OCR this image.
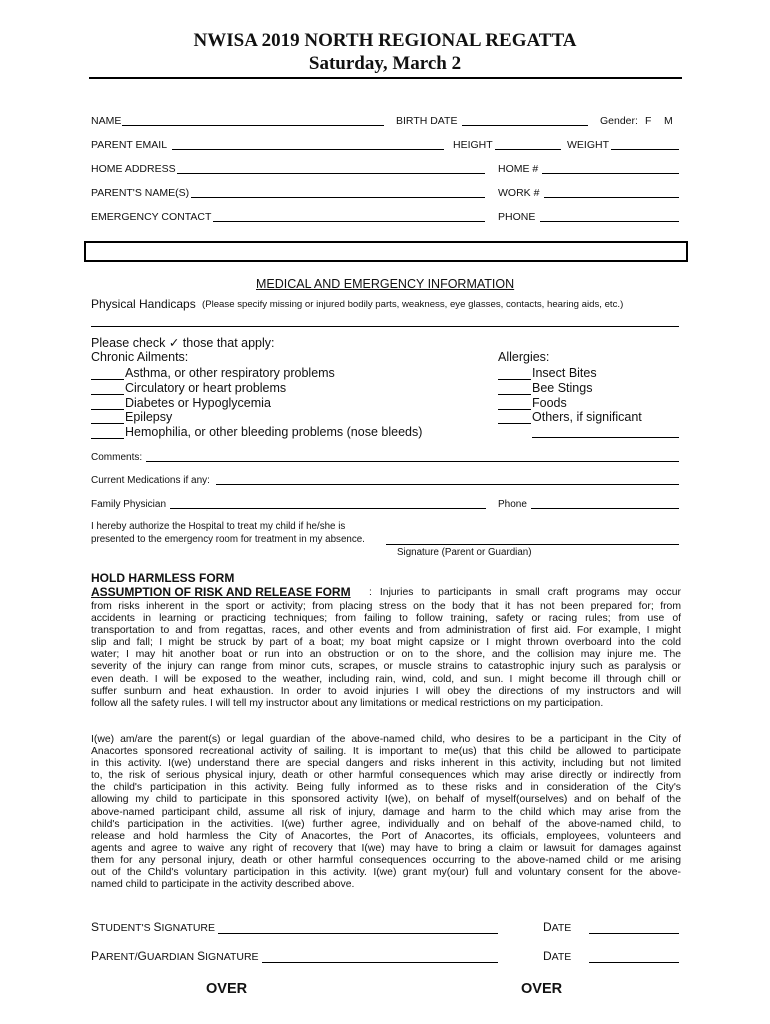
NWISA 2019 NORTH REGIONAL REGATTA
Saturday, March 2
NAME	BIRTH DATE	Gender: F M
PARENT EMAIL	HEIGHT	WEIGHT
HOME ADDRESS	HOME #
PARENT'S NAME(S)	WORK #
EMERGENCY CONTACT	PHONE
MEDICAL AND EMERGENCY INFORMATION
Physical Handicaps (Please specify missing or injured bodily parts, weakness, eye glasses, contacts, hearing aids, etc.)
Please check ✓ those that apply:
Chronic Ailments:
Asthma, or other respiratory problems
Circulatory or heart problems
Diabetes or Hypoglycemia
Epilepsy
Hemophilia, or other bleeding problems (nose bleeds)
Allergies:
Insect Bites
Bee Stings
Foods
Others, if significant
Comments:
Current Medications if any:
Family Physician	Phone
I hereby authorize the Hospital to treat my child if he/she is
presented to the emergency room for treatment in my absence.
Signature (Parent or Guardian)
HOLD HARMLESS FORM
ASSUMPTION OF RISK AND RELEASE FORM : Injuries to participants in small craft programs may occur
from risks inherent in the sport or activity; from placing stress on the body that it has not been prepared for; from
accidents in learning or practicing techniques; from failing to follow training, safety or racing rules; from use of
transportation to and from regattas, races, and other events and from administration of first aid. For example, I might
slip and fall; I might be struck by part of a boat; my boat might capsize or I might thrown overboard into the cold
water; I may hit another boat or run into an obstruction or on to the shore, and the collision may injure me. The
severity of the injury can range from minor cuts, scrapes, or muscle strains to catastrophic injury such as paralysis or
even death. I will be exposed to the weather, including rain, wind, cold, and sun. I might become ill through chill or
suffer sunburn and heat exhaustion. In order to avoid injuries I will obey the directions of my instructors and will
follow all the safety rules. I will tell my instructor about any limitations or medical restrictions on my participation.
I(we) am/are the parent(s) or legal guardian of the above-named child, who desires to be a participant in the City of
Anacortes sponsored recreational activity of sailing. It is important to me(us) that this child be allowed to participate
in this activity. I(we) understand there are special dangers and risks inherent in this activity, including but not limited
to, the risk of serious physical injury, death or other harmful consequences which may arise directly or indirectly from
the child's participation in this activity. Being fully informed as to these risks and in consideration of the City's
allowing my child to participate in this sponsored activity I(we), on behalf of myself(ourselves) and on behalf of the
above-named participant child, assume all risk of injury, damage and harm to the child which may arise from the
child's participation in the activities. I(we) further agree, individually and on behalf of the above-named child, to
release and hold harmless the City of Anacortes, the Port of Anacortes, its officials, employees, volunteers and
agents and agree to waive any right of recovery that I(we) may have to bring a claim or lawsuit for damages against
them for any personal injury, death or other harmful consequences occurring to the above-named child or me arising
out of the Child's voluntary participation in this activity. I(we) grant my(our) full and voluntary consent for the above-
named child to participate in the activity described above.
STUDENT'S SIGNATURE	DATE
PARENT/GUARDIAN SIGNATURE	DATE
OVER	OVER
